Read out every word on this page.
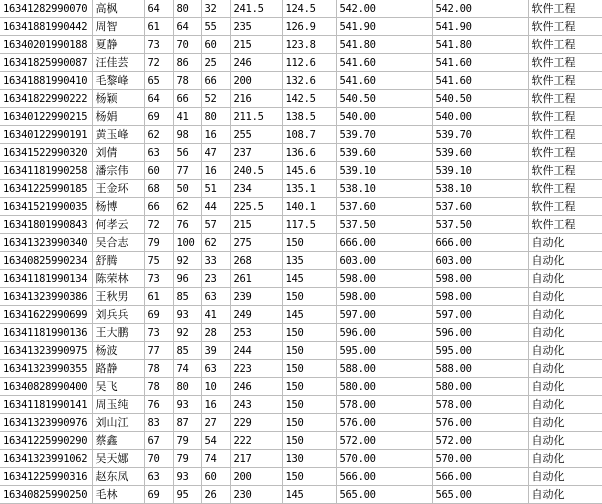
16341282990070	高枫	64	80	32	241.5	124.5	542.00	542.00	软件工程
16341881990442	周智	61	64	55	235	126.9	541.90	541.90	软件工程
16340201990188	夏静	73	70	60	215	123.8	541.80	541.80	软件工程
16341825990087	汪佳芸	72	86	25	246	112.6	541.60	541.60	软件工程
16341881990410	毛黎峰	65	78	66	200	132.6	541.60	541.60	软件工程
16341822990222	杨颖	64	66	52	216	142.5	540.50	540.50	软件工程
16340122990215	杨娟	69	41	80	211.5	138.5	540.00	540.00	软件工程
16340122990191	黄玉峰	62	98	16	255	108.7	539.70	539.70	软件工程
16341522990320	刘倩	63	56	47	237	136.6	539.60	539.60	软件工程
16341181990258	潘宗伟	60	77	16	240.5	145.6	539.10	539.10	软件工程
16341225990185	王金环	68	50	51	234	135.1	538.10	538.10	软件工程
16341521990035	杨博	66	62	44	225.5	140.1	537.60	537.60	软件工程
16341801990843	何孝云	72	76	57	215	117.5	537.50	537.50	软件工程
16341323990340	吴合志	79	100	62	275	150	666.00	666.00	自动化
16340825990234	舒腾	75	92	33	268	135	603.00	603.00	自动化
16341181990134	陈荣林	73	96	23	261	145	598.00	598.00	自动化
16341323990386	王秋男	61	85	63	239	150	598.00	598.00	自动化
16341622990699	刘兵兵	69	93	41	249	145	597.00	597.00	自动化
16341181990136	王大鹏	73	92	28	253	150	596.00	596.00	自动化
16341323990975	杨波	77	85	39	244	150	595.00	595.00	自动化
16341323990355	路静	78	74	63	223	150	588.00	588.00	自动化
16340828990400	吴飞	78	80	10	246	150	580.00	580.00	自动化
16341181990141	周玉纯	76	93	16	243	150	578.00	578.00	自动化
16341323990976	刘山江	83	87	27	229	150	576.00	576.00	自动化
16341225990290	蔡鑫	67	79	54	222	150	572.00	572.00	自动化
16341323991062	吴天娜	70	79	74	217	130	570.00	570.00	自动化
16341225990316	赵东凤	63	93	60	200	150	566.00	566.00	自动化
16340825990250	毛林	69	95	26	230	145	565.00	565.00	自动化
